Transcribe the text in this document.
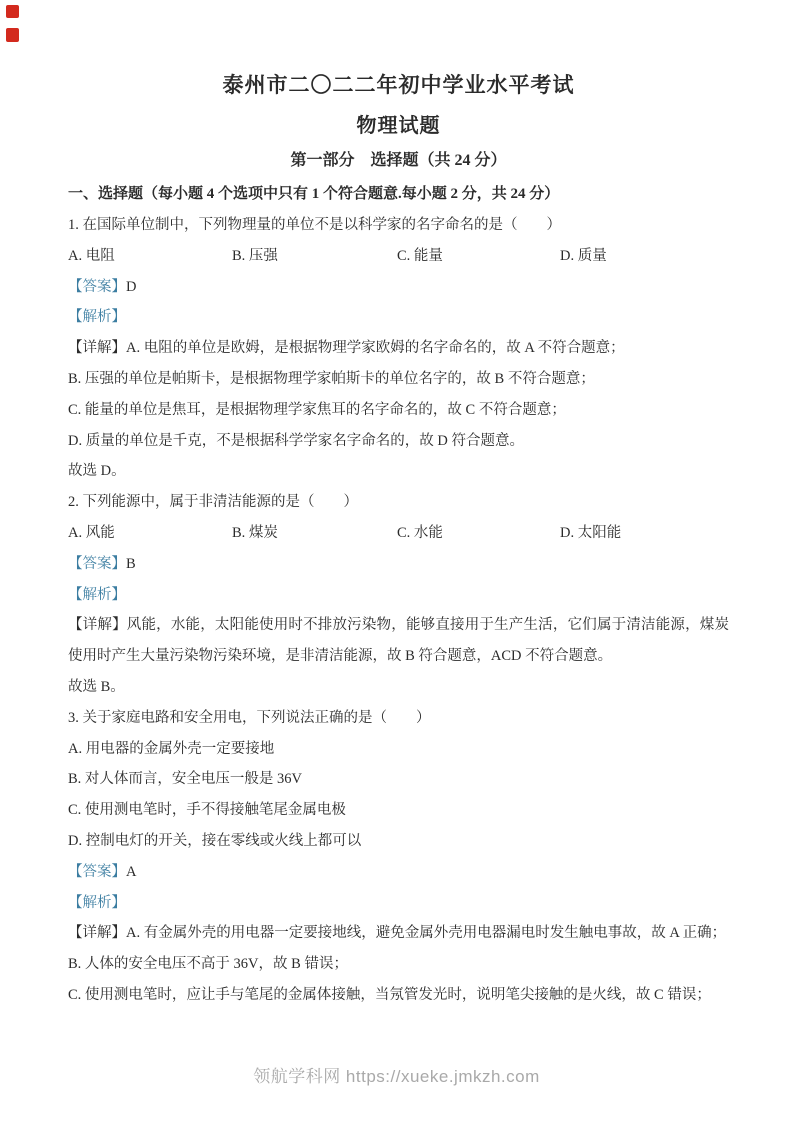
泰州市二〇二二年初中学业水平考试

物理试题

第一部分　选择题（共 24 分）

一、选择题（每小题 4 个选项中只有 1 个符合题意.每小题 2 分，共 24 分）

1. 在国际单位制中，下列物理量的单位不是以科学家的名字命名的是（　　）

A. 电阻	B. 压强	C. 能量	D. 质量

【答案】D

【解析】

【详解】A. 电阻的单位是欧姆，是根据物理学家欧姆的名字命名的，故 A 不符合题意；

B. 压强的单位是帕斯卡，是根据物理学家帕斯卡的单位名字的，故 B 不符合题意；

C. 能量的单位是焦耳，是根据物理学家焦耳的名字命名的，故 C 不符合题意；

D. 质量的单位是千克，不是根据科学学家名字命名的，故 D 符合题意。

故选 D。

2. 下列能源中，属于非清洁能源的是（　　）

A. 风能	B. 煤炭	C. 水能	D. 太阳能

【答案】B

【解析】

【详解】风能，水能，太阳能使用时不排放污染物，能够直接用于生产生活，它们属于清洁能源，煤炭使用时产生大量污染物污染环境，是非清洁能源，故 B 符合题意，ACD 不符合题意。

故选 B。

3. 关于家庭电路和安全用电，下列说法正确的是（　　）

A. 用电器的金属外壳一定要接地

B. 对人体而言，安全电压一般是 36V

C. 使用测电笔时，手不得接触笔尾金属电极

D. 控制电灯的开关，接在零线或火线上都可以

【答案】A

【解析】

【详解】A. 有金属外壳的用电器一定要接地线，避免金属外壳用电器漏电时发生触电事故，故 A 正确；

B. 人体的安全电压不高于 36V，故 B 错误；

C. 使用测电笔时，应让手与笔尾的金属体接触，当氖管发光时，说明笔尖接触的是火线，故 C 错误；

领航学科网 https://xueke.jmkzh.com
